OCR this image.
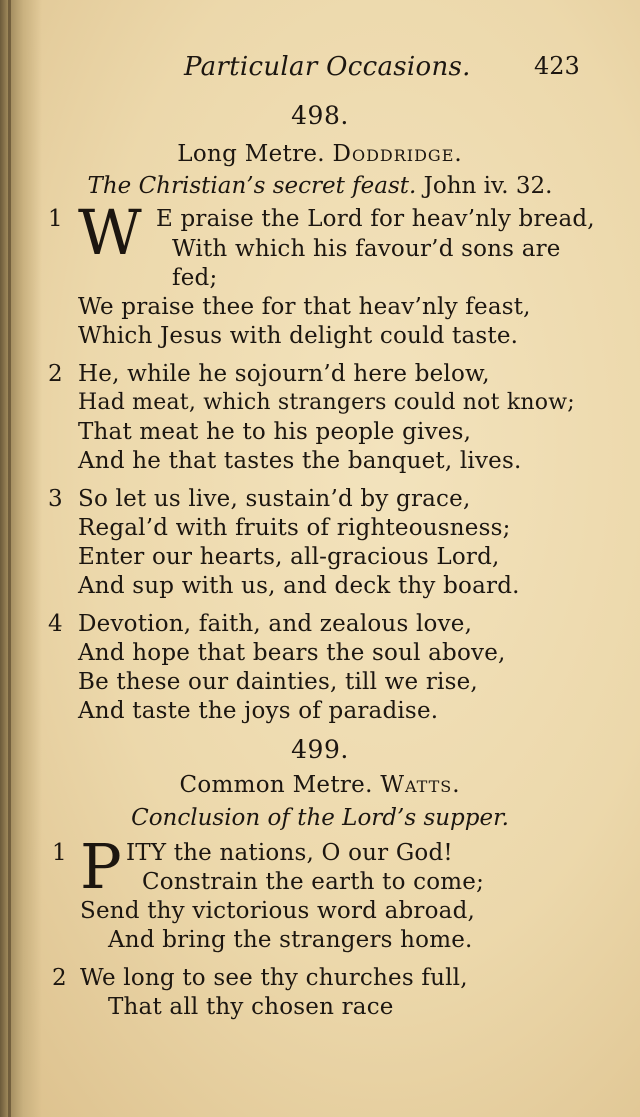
Particular Occasions.	423
498.
Long Metre. Doddridge.
The Christian’s secret feast. John iv. 32.
1 W E praise the Lord for heav’nly bread,
With which his favour’d sons are
fed;
We praise thee for that heav’nly feast,
Which Jesus with delight could taste.
2 He, while he sojourn’d here below,
Had meat, which strangers could not know;
That meat he to his people gives,
And he that tastes the banquet, lives.
3 So let us live, sustain’d by grace,
Regal’d with fruits of righteousness;
Enter our hearts, all-gracious Lord,
And sup with us, and deck thy board.
4 Devotion, faith, and zealous love,
And hope that bears the soul above,
Be these our dainties, till we rise,
And taste the joys of paradise.
499.
Common Metre. Watts.
Conclusion of the Lord’s supper.
1 P ITY the nations, O our God!
Constrain the earth to come;
Send thy victorious word abroad,
And bring the strangers home.
2 We long to see thy churches full,
That all thy chosen race
